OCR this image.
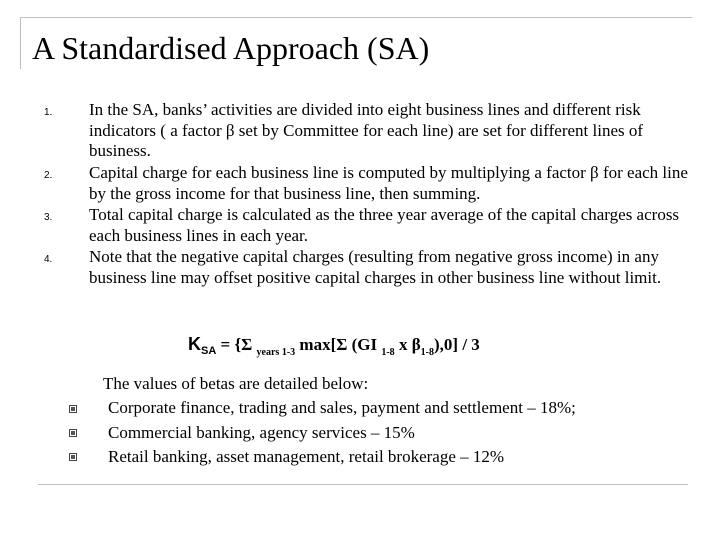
A Standardised Approach (SA)
1. In the SA, banks’ activities are divided into eight business lines and different risk indicators ( a factor β set by Committee for each line) are set for different lines of business.
2. Capital charge for each business line is computed by multiplying a factor β for each line by the gross income for that business line, then summing.
3. Total capital charge is calculated as the three year average of the capital charges across each business lines in each year.
4. Note that the negative capital charges (resulting from negative gross income) in any business line may offset positive capital charges in other business line without limit.
$K_{SA} = \{\Sigma$ $_{years 1-3}$ max[Σ (GI $_{1-8}$ x $\beta_{1-8}),0] / 3$
The values of betas are detailed below:
Corporate finance, trading and sales, payment and settlement – 18%;
Commercial banking, agency services – 15%
Retail banking, asset management, retail brokerage – 12%
